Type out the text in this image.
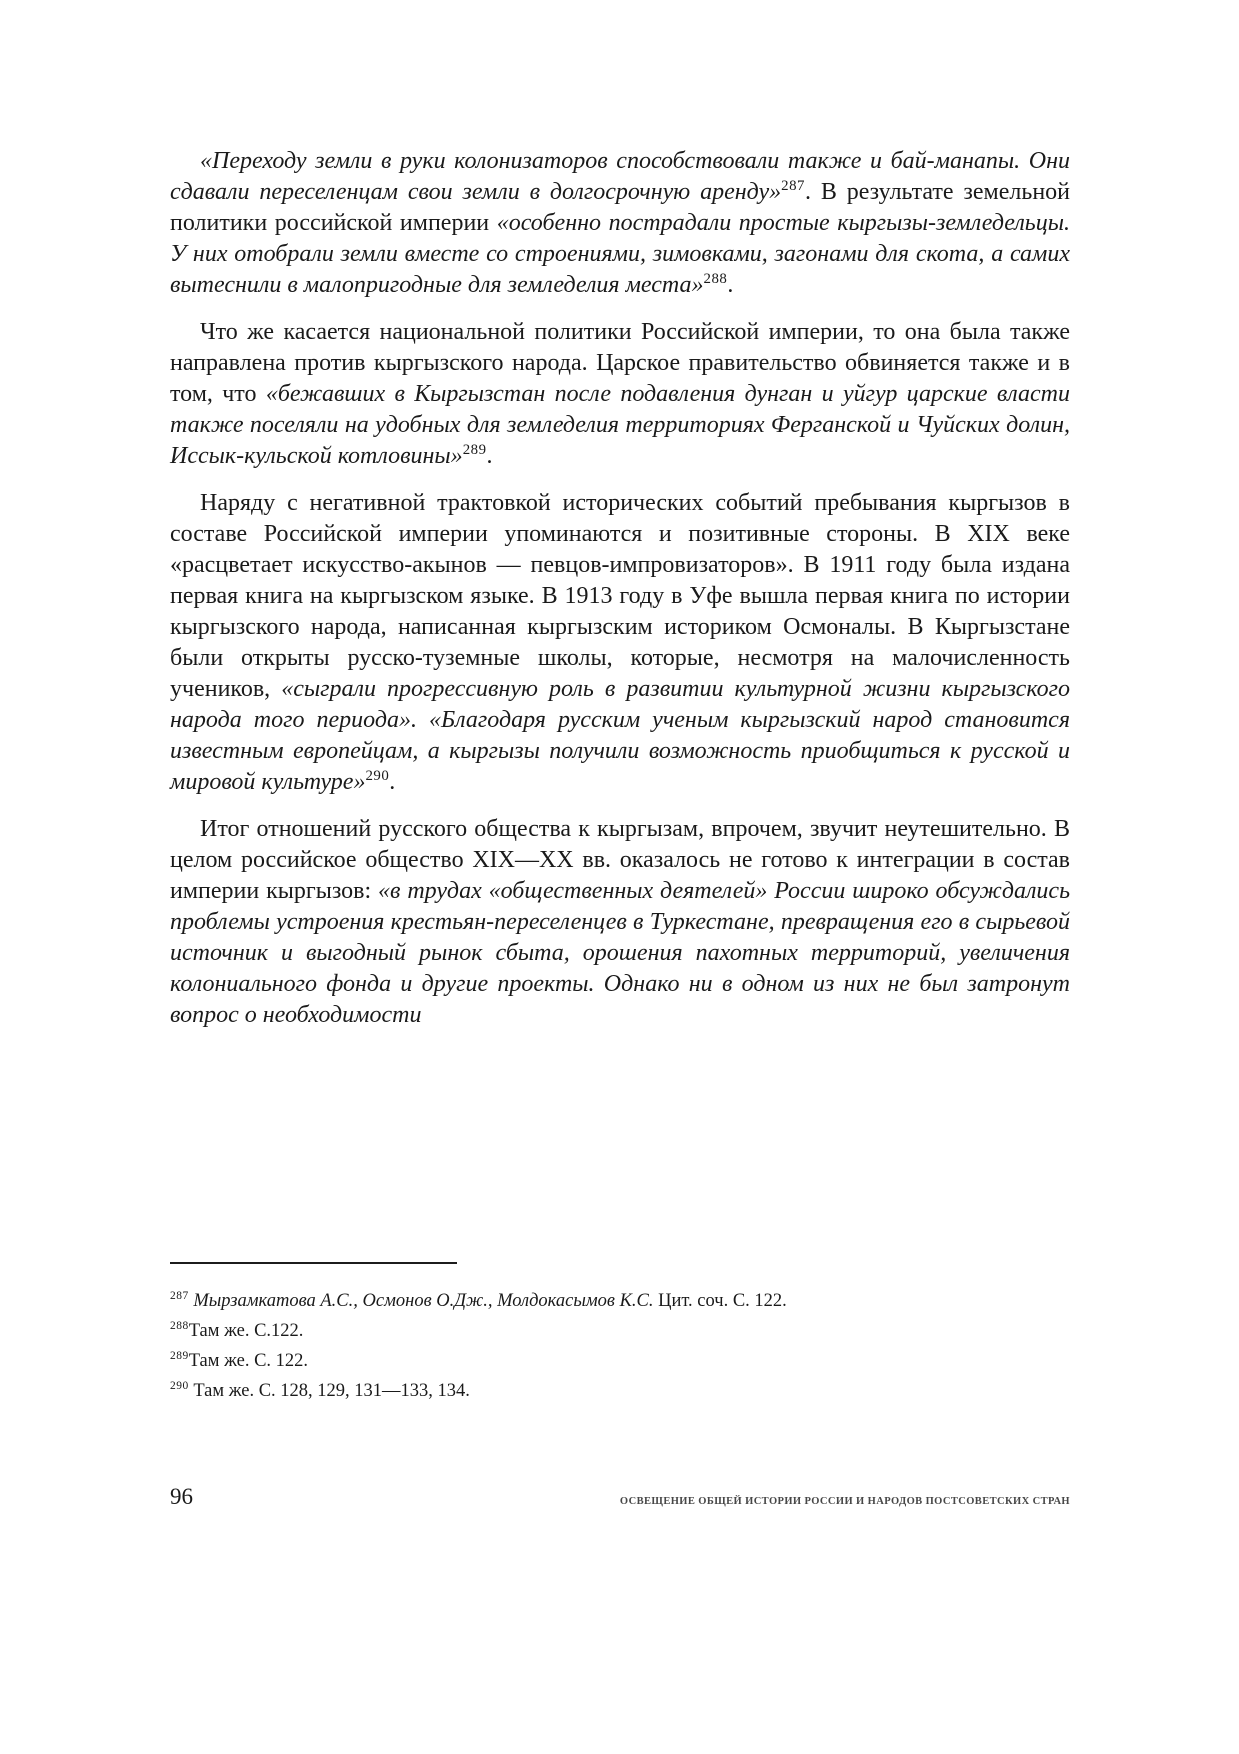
«Переходу земли в руки колонизаторов способствовали также и бай-манапы. Они сдавали переселенцам свои земли в долгосрочную аренду»$^{287}$. В результате земельной политики российской империи «особенно пострадали простые кыргызы-земледельцы. У них отобрали земли вместе со строениями, зимовками, загонами для скота, а самих вытеснили в малопригодные для земледелия места»$^{288}$.

Что же касается национальной политики Российской империи, то она была также направлена против кыргызского народа. Царское правительство обвиняется также и в том, что «бежавших в Кыргызстан после подавления дунган и уйгур царские власти также поселяли на удобных для земледелия территориях Ферганской и Чуйских долин, Иссык-кульской котловины»$^{289}$.

Наряду с негативной трактовкой исторических событий пребывания кыргызов в составе Российской империи упоминаются и позитивные стороны. В XIX веке «расцветает искусство-акынов — певцов-импровизаторов». В 1911 году была издана первая книга на кыргызском языке. В 1913 году в Уфе вышла первая книга по истории кыргызского народа, написанная кыргызским историком Осмоналы. В Кыргызстане были открыты русско-туземные школы, которые, несмотря на малочисленность учеников, «сыграли прогрессивную роль в развитии культурной жизни кыргызского народа того периода». «Благодаря русским ученым кыргызский народ становится известным европейцам, а кыргызы получили возможность приобщиться к русской и мировой культуре»$^{290}$.

Итог отношений русского общества к кыргызам, впрочем, звучит неутешительно. В целом российское общество XIX—XX вв. оказалось не готово к интеграции в состав империи кыргызов: «в трудах «общественных деятелей» России широко обсуждались проблемы устроения крестьян-переселенцев в Туркестане, превращения его в сырьевой источник и выгодный рынок сбыта, орошения пахотных территорий, увеличения колониального фонда и другие проекты. Однако ни в одном из них не был затронут вопрос о необходимости

$^{287}$ Мырзамкатова А.С., Осмонов О.Дж., Молдокасымов К.С. Цит. соч. С. 122.

$^{288}$Там же. С.122.

$^{289}$Там же. С. 122.

$^{290}$ Там же. С. 128, 129, 131—133, 134.

96	ОСВЕЩЕНИЕ ОБЩЕЙ ИСТОРИИ РОССИИ И НАРОДОВ ПОСТСОВЕТСКИХ СТРАН
